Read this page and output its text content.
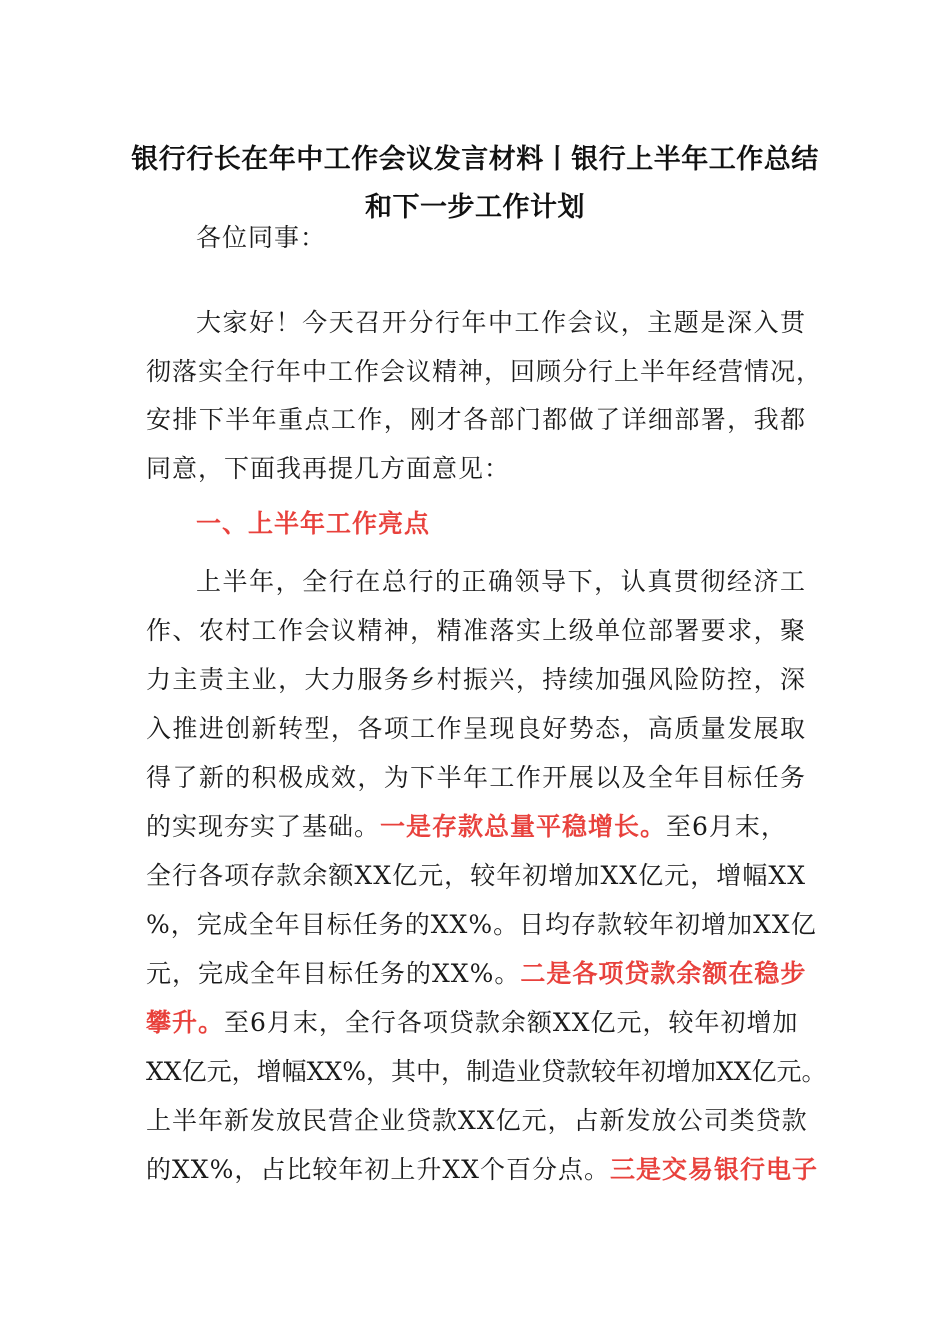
银行行长在年中工作会议发言材料丨银行上半年工作总结
和下一步工作计划
各位同事：
大家好！今天召开分行年中工作会议，主题是深入贯
彻落实全行年中工作会议精神，回顾分行上半年经营情况，
安排下半年重点工作，刚才各部门都做了详细部署，我都
同意，下面我再提几方面意见：
一、上半年工作亮点
上半年，全行在总行的正确领导下，认真贯彻经济工
作、农村工作会议精神，精准落实上级单位部署要求，聚
力主责主业，大力服务乡村振兴，持续加强风险防控，深
入推进创新转型，各项工作呈现良好势态，高质量发展取
得了新的积极成效，为下半年工作开展以及全年目标任务
的实现夯实了基础。一是存款总量平稳增长。至6月末，
全行各项存款余额XX亿元，较年初增加XX亿元，增幅XX
%，完成全年目标任务的XX%。日均存款较年初增加XX亿
元，完成全年目标任务的XX%。二是各项贷款余额在稳步
攀升。至6月末，全行各项贷款余额XX亿元，较年初增加
XX亿元，增幅XX%，其中，制造业贷款较年初增加XX亿元。
上半年新发放民营企业贷款XX亿元，占新发放公司类贷款
的XX%，占比较年初上升XX个百分点。三是交易银行电子
